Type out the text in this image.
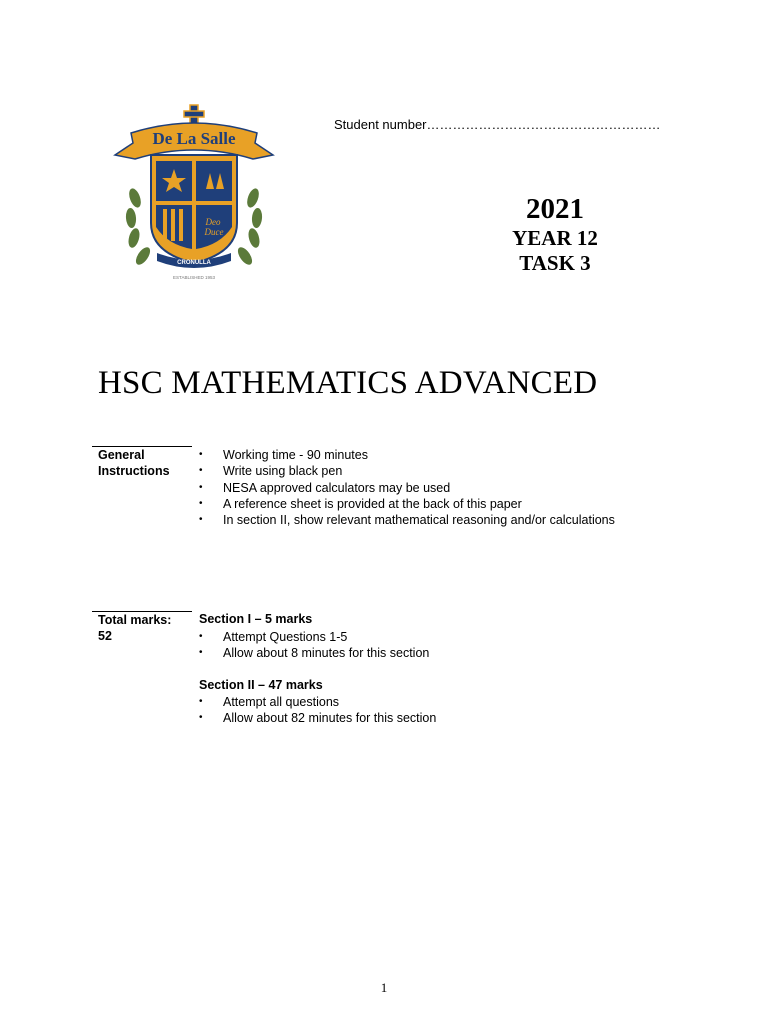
De La Salle
Deo
Duce
CRONULLA
ESTABLISHED 1953
Student number………………………………………………
2021
YEAR 12
TASK 3
HSC MATHEMATICS ADVANCED
General
Instructions
• Working time - 90 minutes
• Write using black pen
• NESA approved calculators may be used
• A reference sheet is provided at the back of this paper
• In section II, show relevant mathematical reasoning and/or calculations
Total marks:
52
Section I – 5 marks
• Attempt Questions 1-5
• Allow about 8 minutes for this section
Section II – 47 marks
• Attempt all questions
• Allow about 82 minutes for this section
1
